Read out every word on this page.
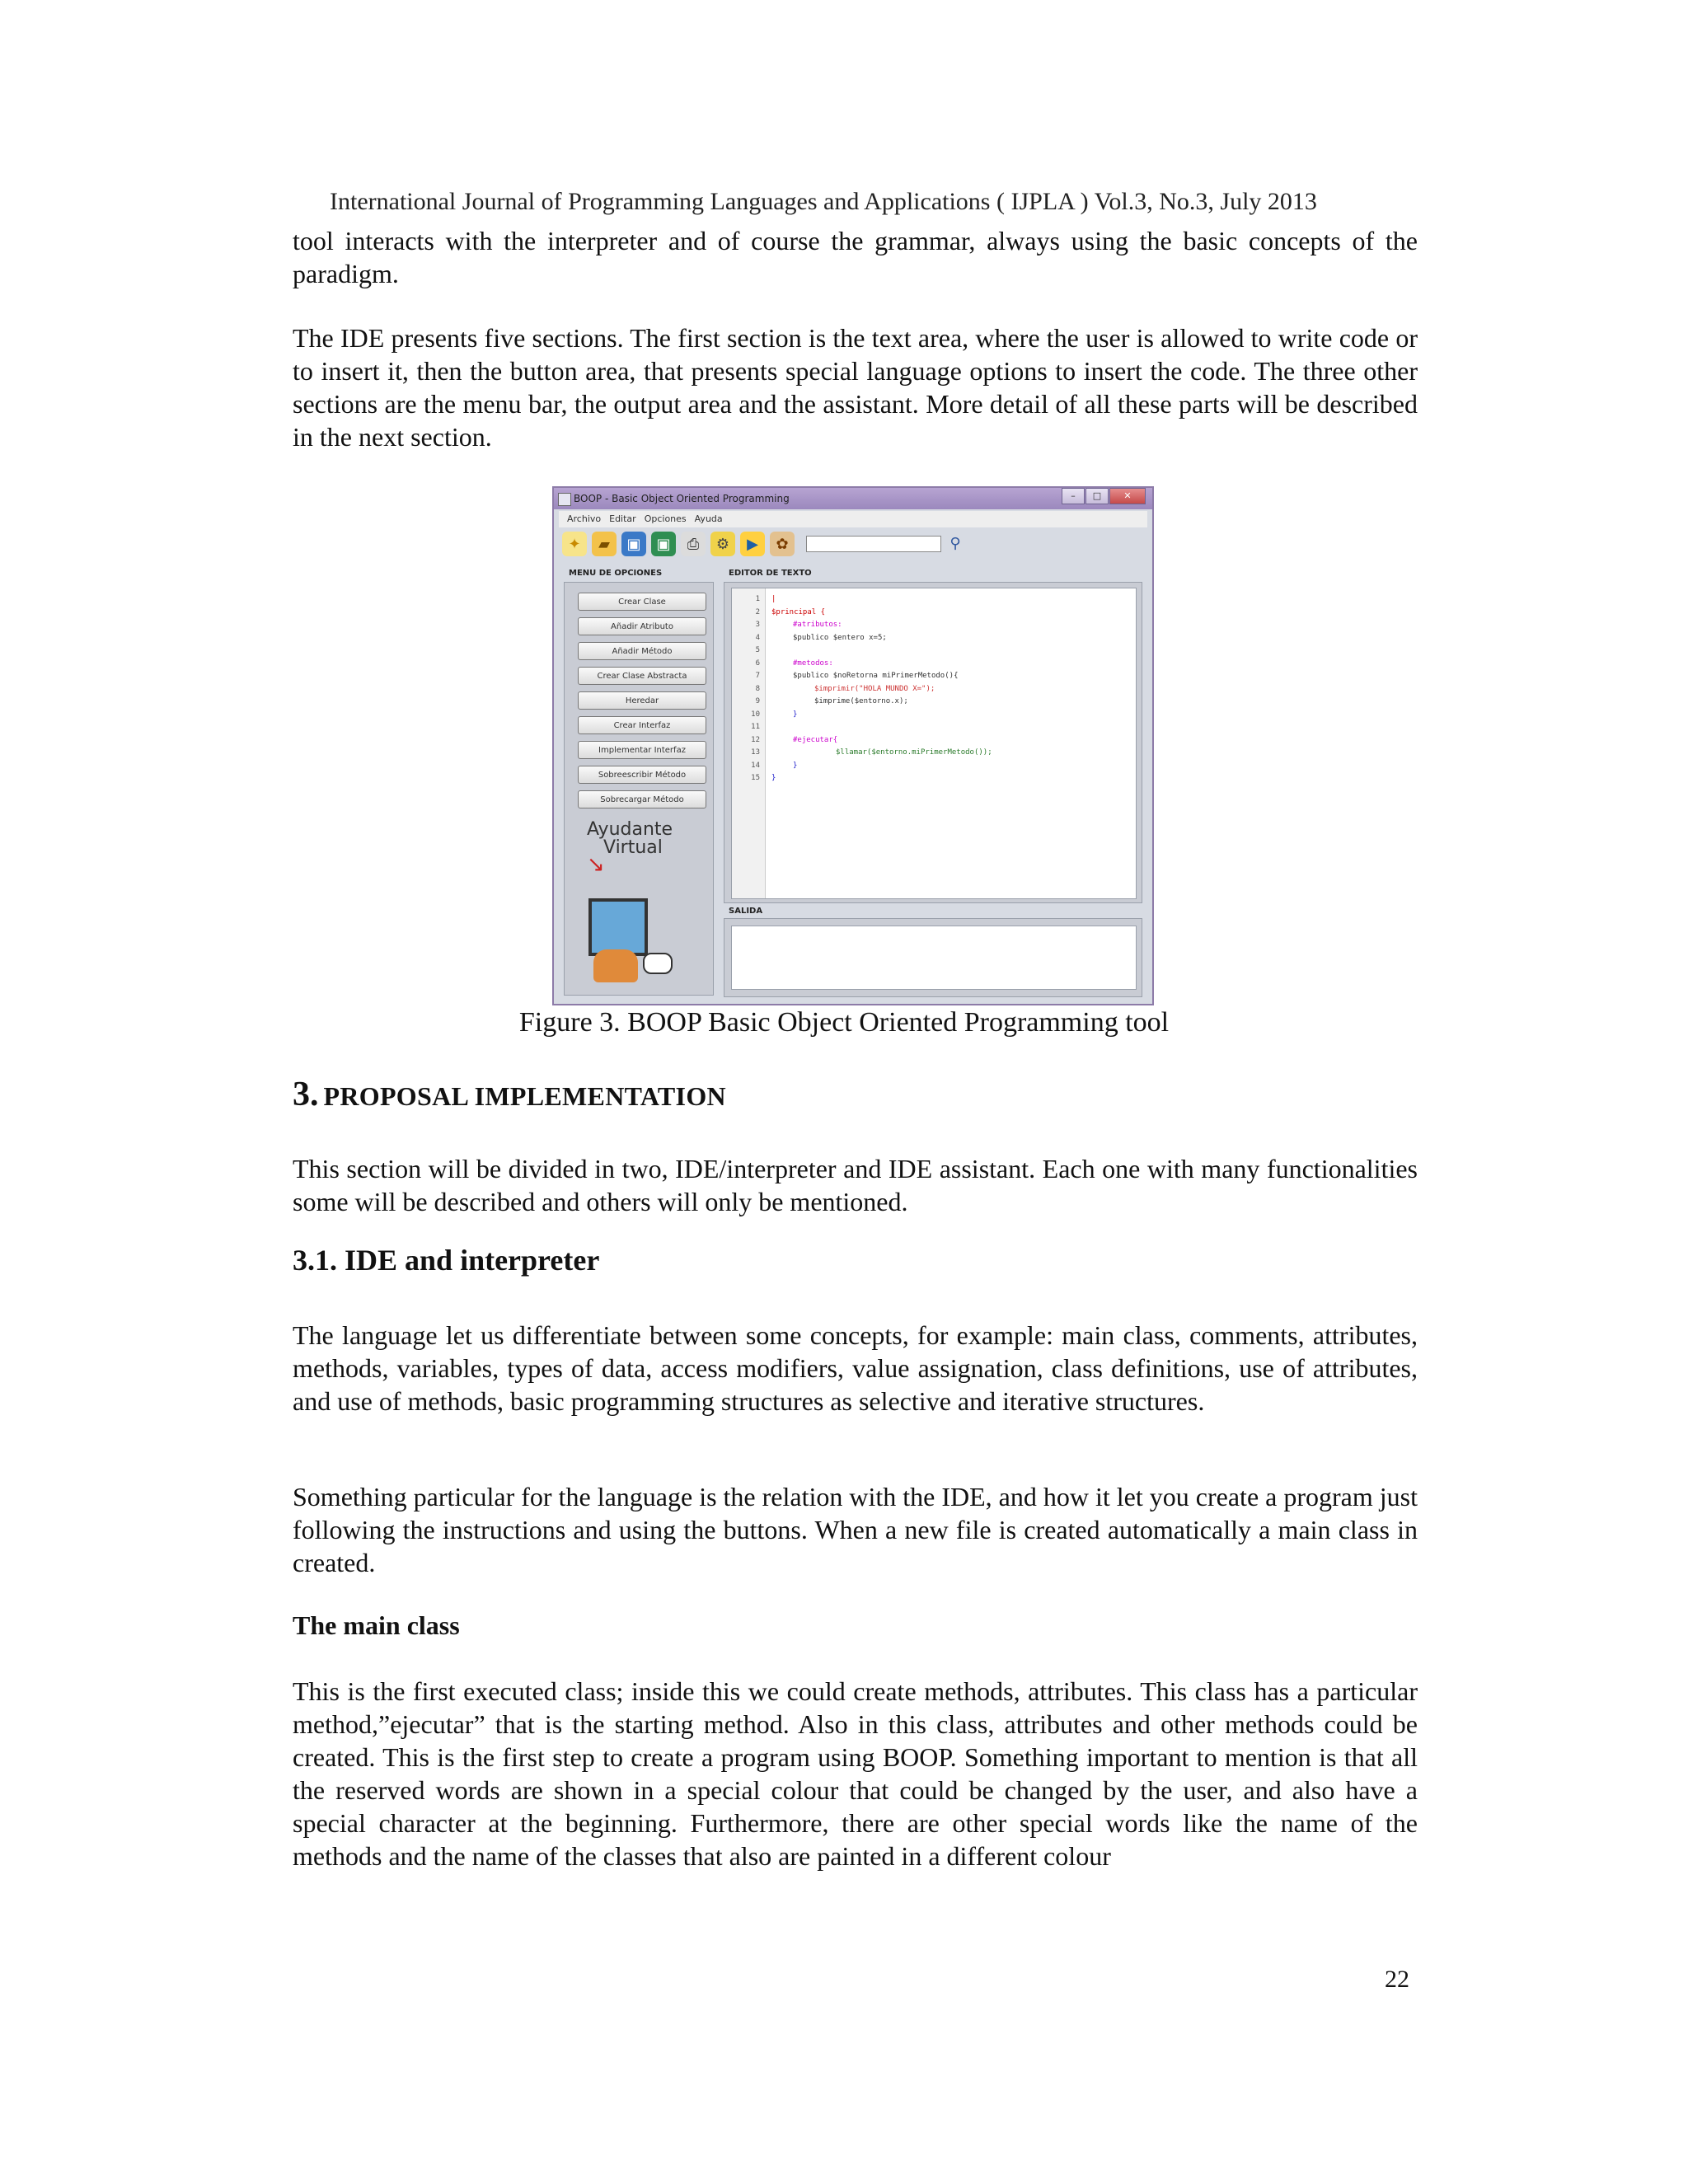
International Journal of Programming Languages and Applications ( IJPLA ) Vol.3, No.3, July 2013

tool interacts with the interpreter and of course the grammar, always using the basic concepts of the paradigm.

The IDE presents five sections. The first section is the text area, where the user is allowed to write code or to insert it, then the button area, that presents special language options to insert the code. The three other sections are the menu bar, the output area and the assistant. More detail of all these parts will be described in the next section.

BOOP - Basic Object Oriented Programming	–	□	✕
Archivo Editar Opciones Ayuda
✦	▰	▣	▣	⎙	⚙	▶	✿	⚲
MENU DE OPCIONES	EDITOR DE TEXTO
Crear Clase
Añadir Atributo
Añadir Método
Crear Clase Abstracta
Heredar
Crear Interfaz
Implementar Interfaz
Sobreescribir Método
Sobrecargar Método
Ayudante
Virtual
↘
1
2
3
4
5
6
7
8
9
10
11
12
13
14
15
|
$principal {
#atributos:
$publico $entero x=5;
#metodos:
$publico $noRetorna miPrimerMetodo(){
$imprimir("HOLA MUNDO X=");
$imprime($entorno.x);
}
#ejecutar{
$llamar($entorno.miPrimerMetodo());
}
}
SALIDA
Figure 3. BOOP Basic Object Oriented Programming tool
3. PROPOSAL IMPLEMENTATION

This section will be divided in two, IDE/interpreter and IDE assistant. Each one with many functionalities some will be described and others will only be mentioned.

3.1. IDE and interpreter

The language let us differentiate between some concepts, for example: main class, comments, attributes, methods, variables, types of data, access modifiers, value assignation, class definitions, use of attributes, and use of methods, basic programming structures as selective and iterative structures.

Something particular for the language is the relation with the IDE, and how it let you create a program just following the instructions and using the buttons. When a new file is created automatically a main class in created.

The main class

This is the first executed class; inside this we could create methods, attributes. This class has a particular method,”ejecutar” that is the starting method. Also in this class, attributes and other methods could be created. This is the first step to create a program using BOOP. Something important to mention is that all the reserved words are shown in a special colour that could be changed by the user, and also have a special character at the beginning. Furthermore, there are other special words like the name of the methods and the name of the classes that also are painted in a different colour

22
